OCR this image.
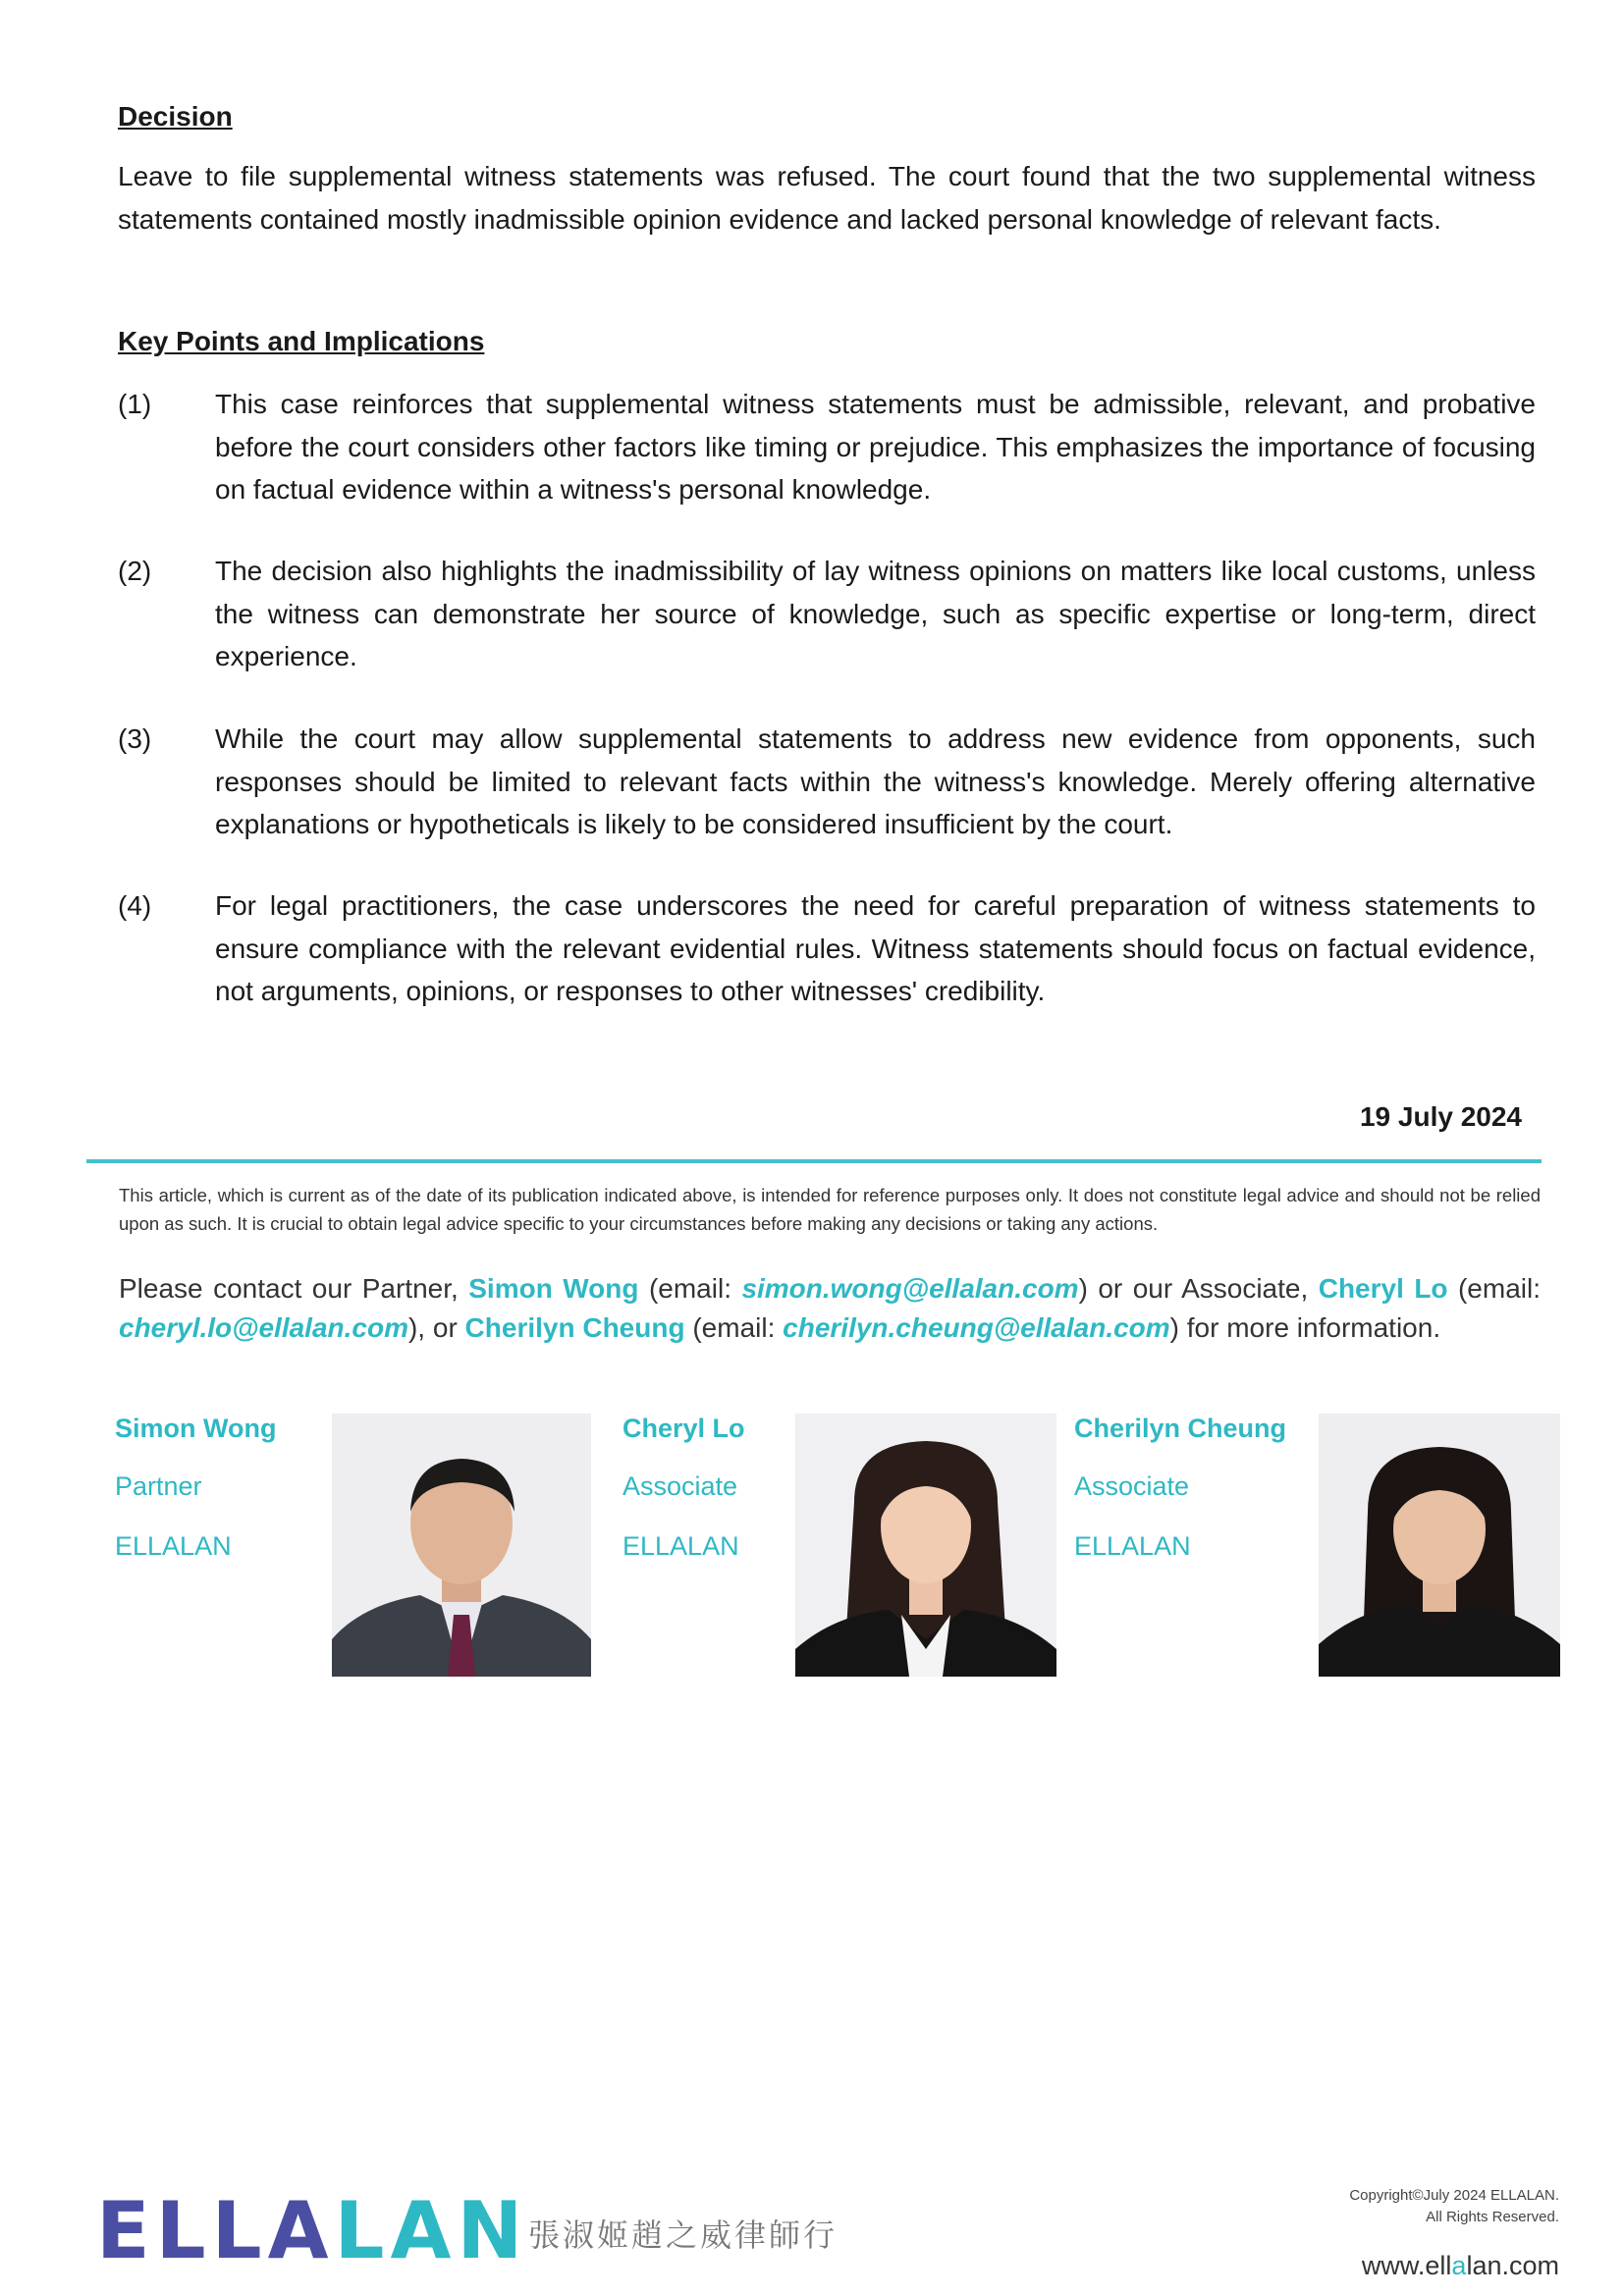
Decision
Leave to file supplemental witness statements was refused. The court found that the two supplemental witness statements contained mostly inadmissible opinion evidence and lacked personal knowledge of relevant facts.
Key Points and Implications
(1) This case reinforces that supplemental witness statements must be admissible, relevant, and probative before the court considers other factors like timing or prejudice. This emphasizes the importance of focusing on factual evidence within a witness's personal knowledge.
(2) The decision also highlights the inadmissibility of lay witness opinions on matters like local customs, unless the witness can demonstrate her source of knowledge, such as specific expertise or long-term, direct experience.
(3) While the court may allow supplemental statements to address new evidence from opponents, such responses should be limited to relevant facts within the witness's knowledge. Merely offering alternative explanations or hypotheticals is likely to be considered insufficient by the court.
(4) For legal practitioners, the case underscores the need for careful preparation of witness statements to ensure compliance with the relevant evidential rules. Witness statements should focus on factual evidence, not arguments, opinions, or responses to other witnesses' credibility.
19 July 2024
This article, which is current as of the date of its publication indicated above, is intended for reference purposes only. It does not constitute legal advice and should not be relied upon as such. It is crucial to obtain legal advice specific to your circumstances before making any decisions or taking any actions.
Please contact our Partner, Simon Wong (email: simon.wong@ellalan.com) or our Associate, Cheryl Lo (email: cheryl.lo@ellalan.com), or Cherilyn Cheung (email: cherilyn.cheung@ellalan.com) for more information.
Simon Wong
Partner
ELLALAN
Cheryl Lo
Associate
ELLALAN
Cherilyn Cheung
Associate
ELLALAN
ELLALAN 張淑姬趙之威律師行
Copyright©July 2024 ELLALAN.
All Rights Reserved.
www.ellalan.com
